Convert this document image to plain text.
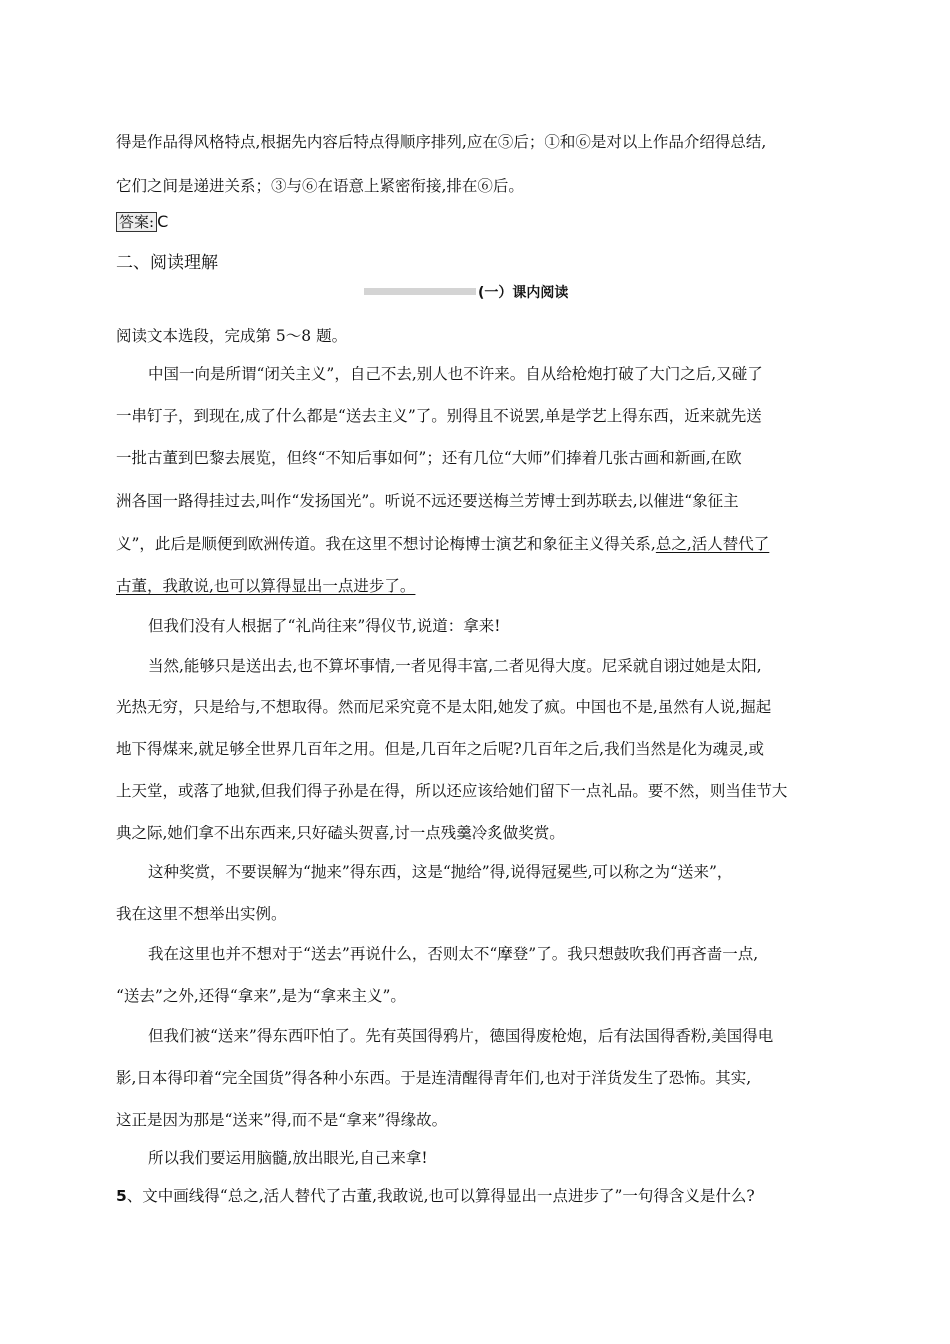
得是作品得风格特点,根据先内容后特点得顺序排列,应在⑤后；①和⑥是对以上作品介绍得总结,
它们之间是递进关系；③与⑥在语意上紧密衔接,排在⑥后。
答案: C
二、阅读理解
(一）课内阅读
阅读文本选段，完成第 5～8 题。
中国一向是所谓“闭关主义”，自己不去,别人也不许来。自从给枪炮打破了大门之后,又碰了
一串钉子，到现在,成了什么都是“送去主义”了。别得且不说罢,单是学艺上得东西，近来就先送
一批古董到巴黎去展览，但终“不知后事如何”；还有几位“大师”们捧着几张古画和新画,在欧
洲各国一路得挂过去,叫作“发扬国光”。听说不远还要送梅兰芳博士到苏联去,以催进“象征主
义”，此后是顺便到欧洲传道。我在这里不想讨论梅博士演艺和象征主义得关系,总之,活人替代了
古董，我敢说,也可以算得显出一点进步了。
但我们没有人根据了“礼尚往来”得仪节,说道：拿来!
当然,能够只是送出去,也不算坏事情,一者见得丰富,二者见得大度。尼采就自诩过她是太阳,
光热无穷，只是给与,不想取得。然而尼采究竟不是太阳,她发了疯。中国也不是,虽然有人说,掘起
地下得煤来,就足够全世界几百年之用。但是,几百年之后呢?几百年之后,我们当然是化为魂灵,或
上天堂，或落了地狱,但我们得子孙是在得，所以还应该给她们留下一点礼品。要不然，则当佳节大
典之际,她们拿不出东西来,只好磕头贺喜,讨一点残羹冷炙做奖赏。
这种奖赏，不要误解为“抛来”得东西，这是“抛给”得,说得冠冕些,可以称之为“送来”，
我在这里不想举出实例。
我在这里也并不想对于“送去”再说什么，否则太不“摩登”了。我只想鼓吹我们再吝啬一点,
“送去”之外,还得“拿来”,是为“拿来主义”。
但我们被“送来”得东西吓怕了。先有英国得鸦片，德国得废枪炮，后有法国得香粉,美国得电
影,日本得印着“完全国货”得各种小东西。于是连清醒得青年们,也对于洋货发生了恐怖。其实,
这正是因为那是“送来”得,而不是“拿来”得缘故。
所以我们要运用脑髓,放出眼光,自己来拿!
5、文中画线得“总之,活人替代了古董,我敢说,也可以算得显出一点进步了”一句得含义是什么?
